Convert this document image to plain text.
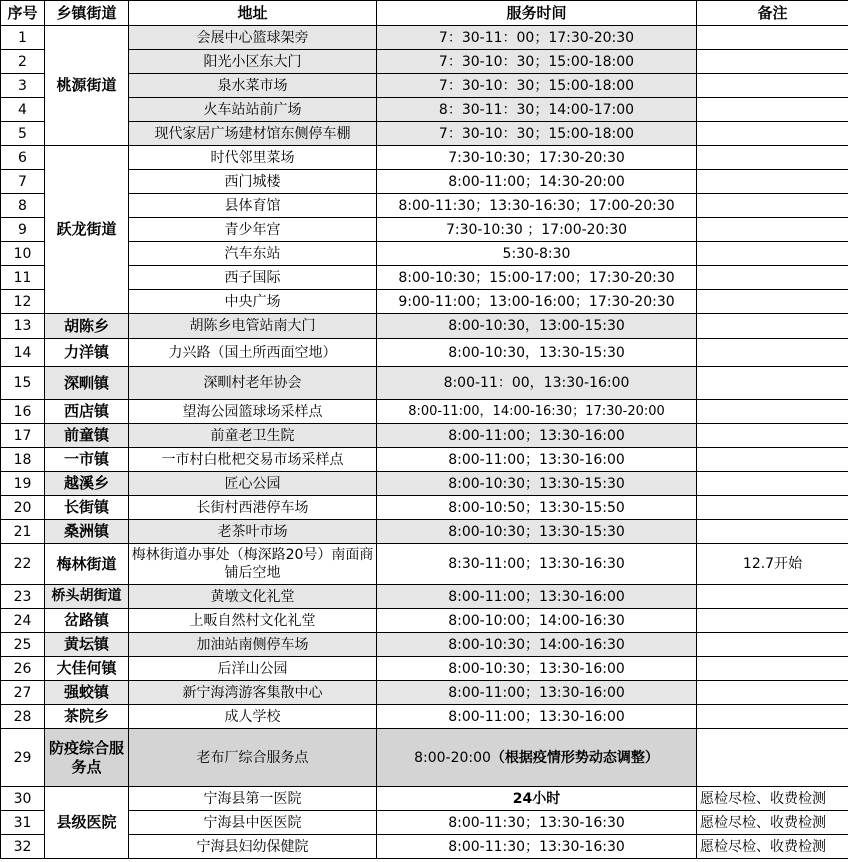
序号	乡镇街道	地址	服务时间	备注
1	桃源街道	会展中心篮球架旁	7：30-11：00；17:30-20:30	
2		阳光小区东大门	7：30-10：30；15:00-18:00	
3		泉水菜市场	7：30-10：30；15:00-18:00	
4		火车站站前广场	8：30-11：30；14:00-17:00	
5		现代家居广场建材馆东侧停车棚	7：30-10：30；15:00-18:00	
6	跃龙街道	时代邻里菜场	7:30-10:30；17:30-20:30	
7		西门城楼	8:00-11:00；14:30-20:00	
8		县体育馆	8:00-11:30；13:30-16:30；17:00-20:30	
9		青少年宫	7:30-10:30 ；17:00-20:30	
10		汽车东站	5:30-8:30	
11		西子国际	8:00-10:30；15:00-17:00；17:30-20:30	
12		中央广场	9:00-11:00；13:00-16:00；17:30-20:30	
13	胡陈乡	胡陈乡电管站南大门	8:00-10:30，13:00-15:30	
14	力洋镇	力兴路（国土所西面空地）	8:00-10:30，13:30-15:30	
15	深甽镇	深甽村老年协会	8:00-11：00，13:30-16:00	
16	西店镇	望海公园篮球场采样点	8:00-11:00，14:00-16:30；17:30-20:00	
17	前童镇	前童老卫生院	8:00-11:00；13:30-16:00	
18	一市镇	一市村白枇杷交易市场采样点	8:00-11:00；13:30-16:00	
19	越溪乡	匠心公园	8:00-10:30；13:30-15:30	
20	长街镇	长街村西港停车场	8:00-10:50；13:30-15:50	
21	桑洲镇	老茶叶市场	8:00-10:30；13:30-15:30	
22	梅林街道	梅林街道办事处（梅深路20号）南面商铺后空地	8:30-11:00；13:30-16:30	12.7开始
23	桥头胡街道	黄墩文化礼堂	8:00-11:00；13:30-16:00	
24	岔路镇	上畈自然村文化礼堂	8:00-10:00；14:00-16:30	
25	黄坛镇	加油站南侧停车场	8:00-10:30；14:00-16:30	
26	大佳何镇	后洋山公园	8:00-10:30；13:30-16:00	
27	强蛟镇	新宁海湾游客集散中心	8:00-11:00；13:30-16:00	
28	茶院乡	成人学校	8:00-11:00；13:30-16:00	
29	防疫综合服务点	老布厂综合服务点	8:00-20:00（根据疫情形势动态调整）	
30	县级医院	宁海县第一医院	24小时	愿检尽检、收费检测
31		宁海县中医医院	8:00-11:30；13:30-16:30	愿检尽检、收费检测
32		宁海县妇幼保健院	8:00-11:30；13:30-16:30	愿检尽检、收费检测
